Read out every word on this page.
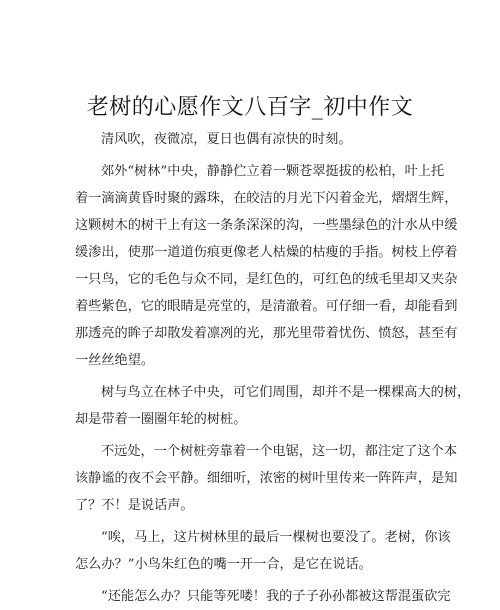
老树的心愿作文八百字_初中作文
清风吹，夜微凉，夏日也偶有凉快的时刻。
郊外“树林”中央，静静伫立着一颗苍翠挺拔的松柏，叶上托
着一滴滴黄昏时聚的露珠，在皎洁的月光下闪着金光，熠熠生辉，
这颗树木的树干上有这一条条深深的沟，一些墨绿色的汁水从中缓
缓渗出，使那一道道伤痕更像老人枯燥的枯瘦的手指。树枝上停着
一只鸟，它的毛色与众不同，是红色的，可红色的绒毛里却又夹杂
着些紫色，它的眼睛是亮堂的，是清澈着。可仔细一看，却能看到
那透亮的眸子却散发着凛冽的光，那光里带着忧伤、愤怒，甚至有
一丝丝绝望。
树与鸟立在林子中央，可它们周围，却并不是一棵棵高大的树，
却是带着一圈圈年轮的树桩。
不远处，一个树桩旁靠着一个电锯，这一切，都注定了这个本
该静谧的夜不会平静。细细听，浓密的树叶里传来一阵阵声，是知
了？不！是说话声。
“唉，马上，这片树林里的最后一棵树也要没了。老树，你该
怎么办？”小鸟朱红色的嘴一开一合，是它在说话。
“还能怎么办？只能等死喽！我的子子孙孙都被这帮混蛋砍完
